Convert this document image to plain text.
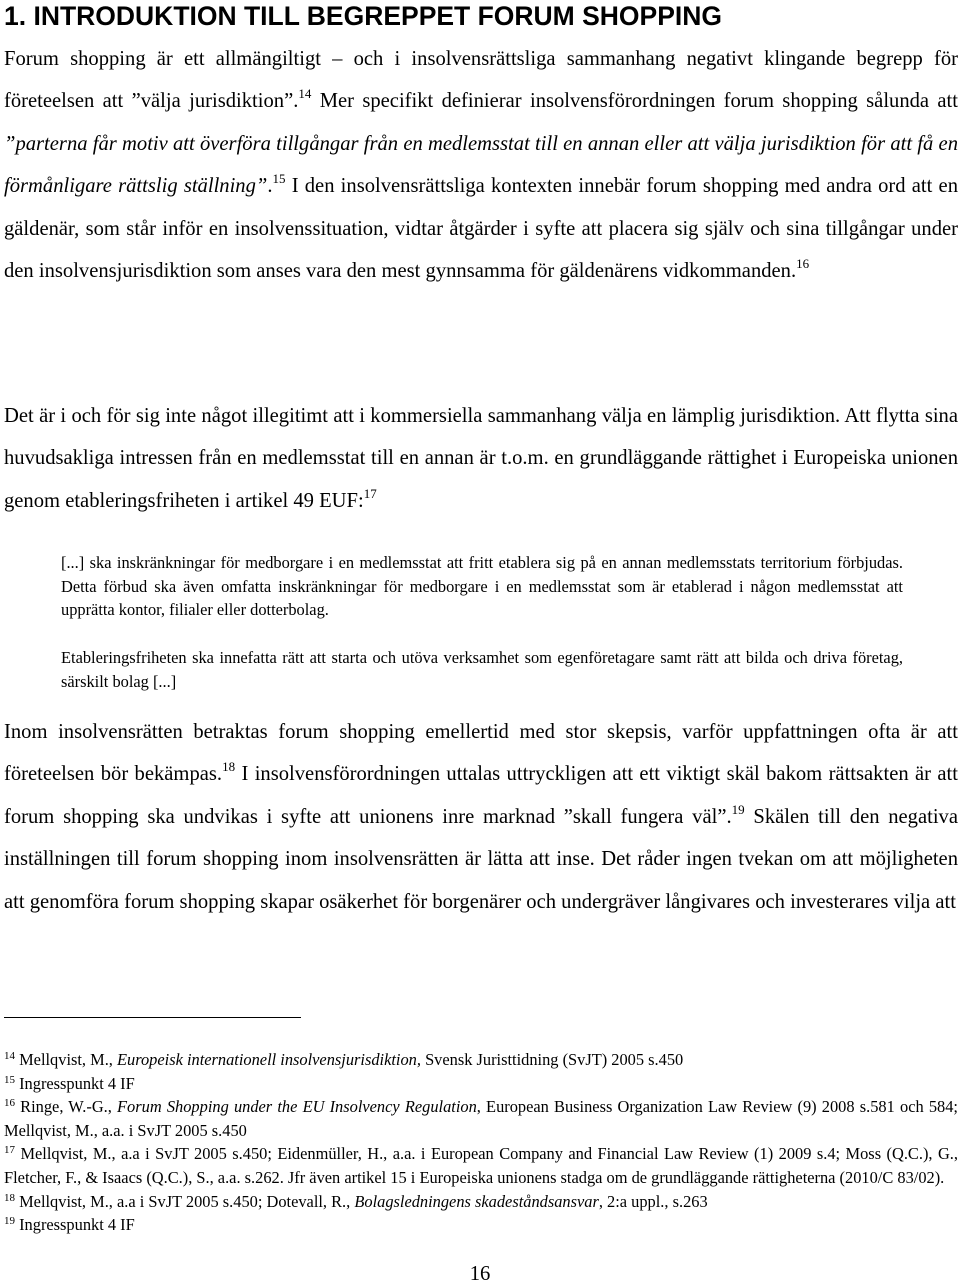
1. INTRODUKTION TILL BEGREPPET FORUM SHOPPING

Forum shopping är ett allmängiltigt – och i insolvensrättsliga sammanhang negativt klingande begrepp för företeelsen att ”välja jurisdiktion”.$^{14}$ Mer specifikt definierar insolvensförordningen forum shopping sålunda att ”parterna får motiv att överföra tillgångar från en medlemsstat till en annan eller att välja jurisdiktion för att få en förmånligare rättslig ställning”.$^{15}$ I den insolvensrättsliga kontexten innebär forum shopping med andra ord att en gäldenär, som står inför en insolvenssituation, vidtar åtgärder i syfte att placera sig själv och sina tillgångar under den insolvensjurisdiktion som anses vara den mest gynnsamma för gäldenärens vidkommanden.$^{16}$

Det är i och för sig inte något illegitimt att i kommersiella sammanhang välja en lämplig jurisdiktion. Att flytta sina huvudsakliga intressen från en medlemsstat till en annan är t.o.m. en grundläggande rättighet i Europeiska unionen genom etableringsfriheten i artikel 49 EUF:$^{17}$

[...] ska inskränkningar för medborgare i en medlemsstat att fritt etablera sig på en annan medlemsstats territorium förbjudas. Detta förbud ska även omfatta inskränkningar för medborgare i en medlemsstat som är etablerad i någon medlemsstat att upprätta kontor, filialer eller dotterbolag.

Etableringsfriheten ska innefatta rätt att starta och utöva verksamhet som egenföretagare samt rätt att bilda och driva företag, särskilt bolag [...]

Inom insolvensrätten betraktas forum shopping emellertid med stor skepsis, varför uppfattningen ofta är att företeelsen bör bekämpas.$^{18}$ I insolvensförordningen uttalas uttryckligen att ett viktigt skäl bakom rättsakten är att forum shopping ska undvikas i syfte att unionens inre marknad ”skall fungera väl”.$^{19}$ Skälen till den negativa inställningen till forum shopping inom insolvensrätten är lätta att inse. Det råder ingen tvekan om att möjligheten att genomföra forum shopping skapar osäkerhet för borgenärer och undergräver långivares och investerares vilja att

$^{14}$ Mellqvist, M., Europeisk internationell insolvensjurisdiktion, Svensk Juristtidning (SvJT) 2005 s.450

$^{15}$ Ingresspunkt 4 IF

$^{16}$ Ringe, W.-G., Forum Shopping under the EU Insolvency Regulation, European Business Organization Law Review (9) 2008 s.581 och 584; Mellqvist, M., a.a. i SvJT 2005 s.450

$^{17}$ Mellqvist, M., a.a i SvJT 2005 s.450; Eidenmüller, H., a.a. i European Company and Financial Law Review (1) 2009 s.4; Moss (Q.C.), G., Fletcher, F., & Isaacs (Q.C.), S., a.a. s.262. Jfr även artikel 15 i Europeiska unionens stadga om de grundläggande rättigheterna (2010/C 83/02).

$^{18}$ Mellqvist, M., a.a i SvJT 2005 s.450; Dotevall, R., Bolagsledningens skadeståndsansvar, 2:a uppl., s.263

$^{19}$ Ingresspunkt 4 IF

16
